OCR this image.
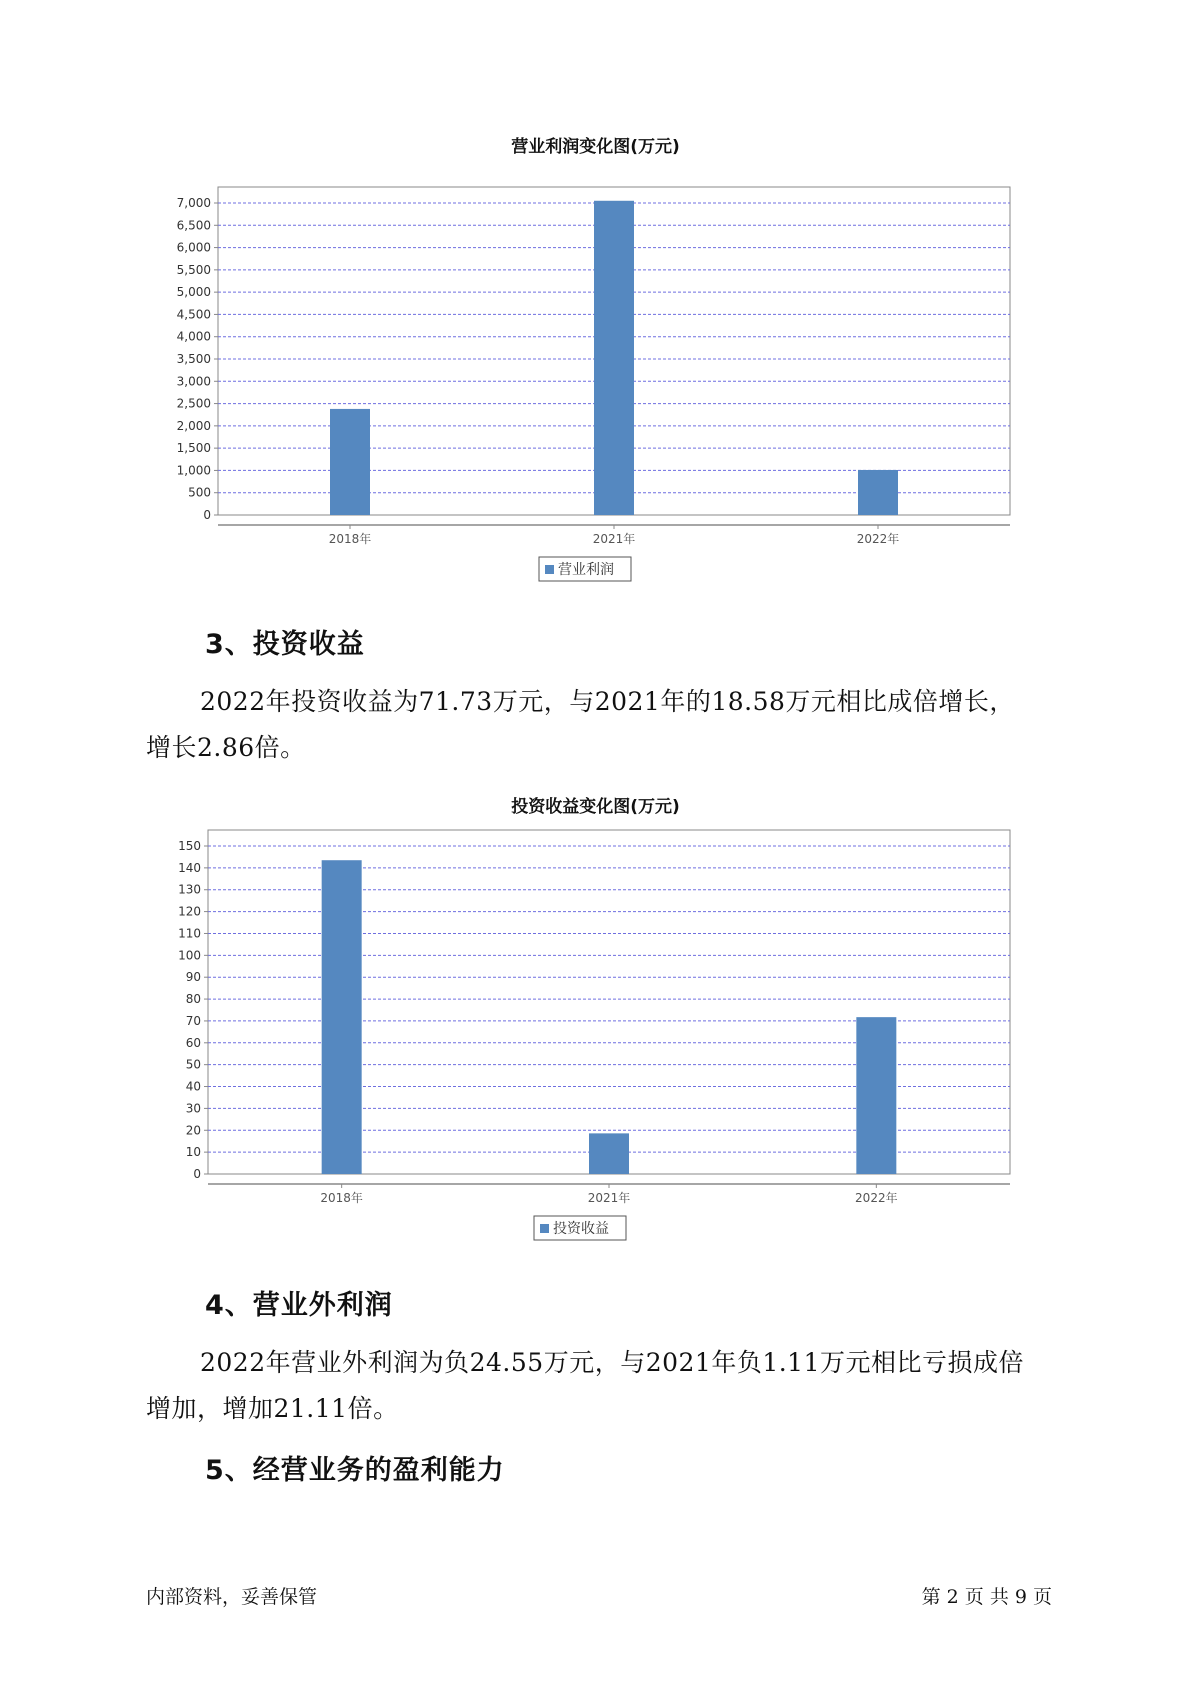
营业利润变化图(万元)
0
500
1,000
1,500
2,000
2,500
3,000
3,500
4,000
4,500
5,000
5,500
6,000
6,500
7,000
2018年	2021年	2022年
营业利润
3、投资收益
2022年投资收益为71.73万元，与2021年的18.58万元相比成倍增长，
增长2.86倍。
投资收益变化图(万元)
0
10
20
30
40
50
60
70
80
90
100
110
120
130
140
150
2018年	2021年	2022年
投资收益
4、营业外利润
2022年营业外利润为负24.55万元，与2021年负1.11万元相比亏损成倍
增加，增加21.11倍。
5、经营业务的盈利能力
内部资料，妥善保管	第 2 页 共 9 页
